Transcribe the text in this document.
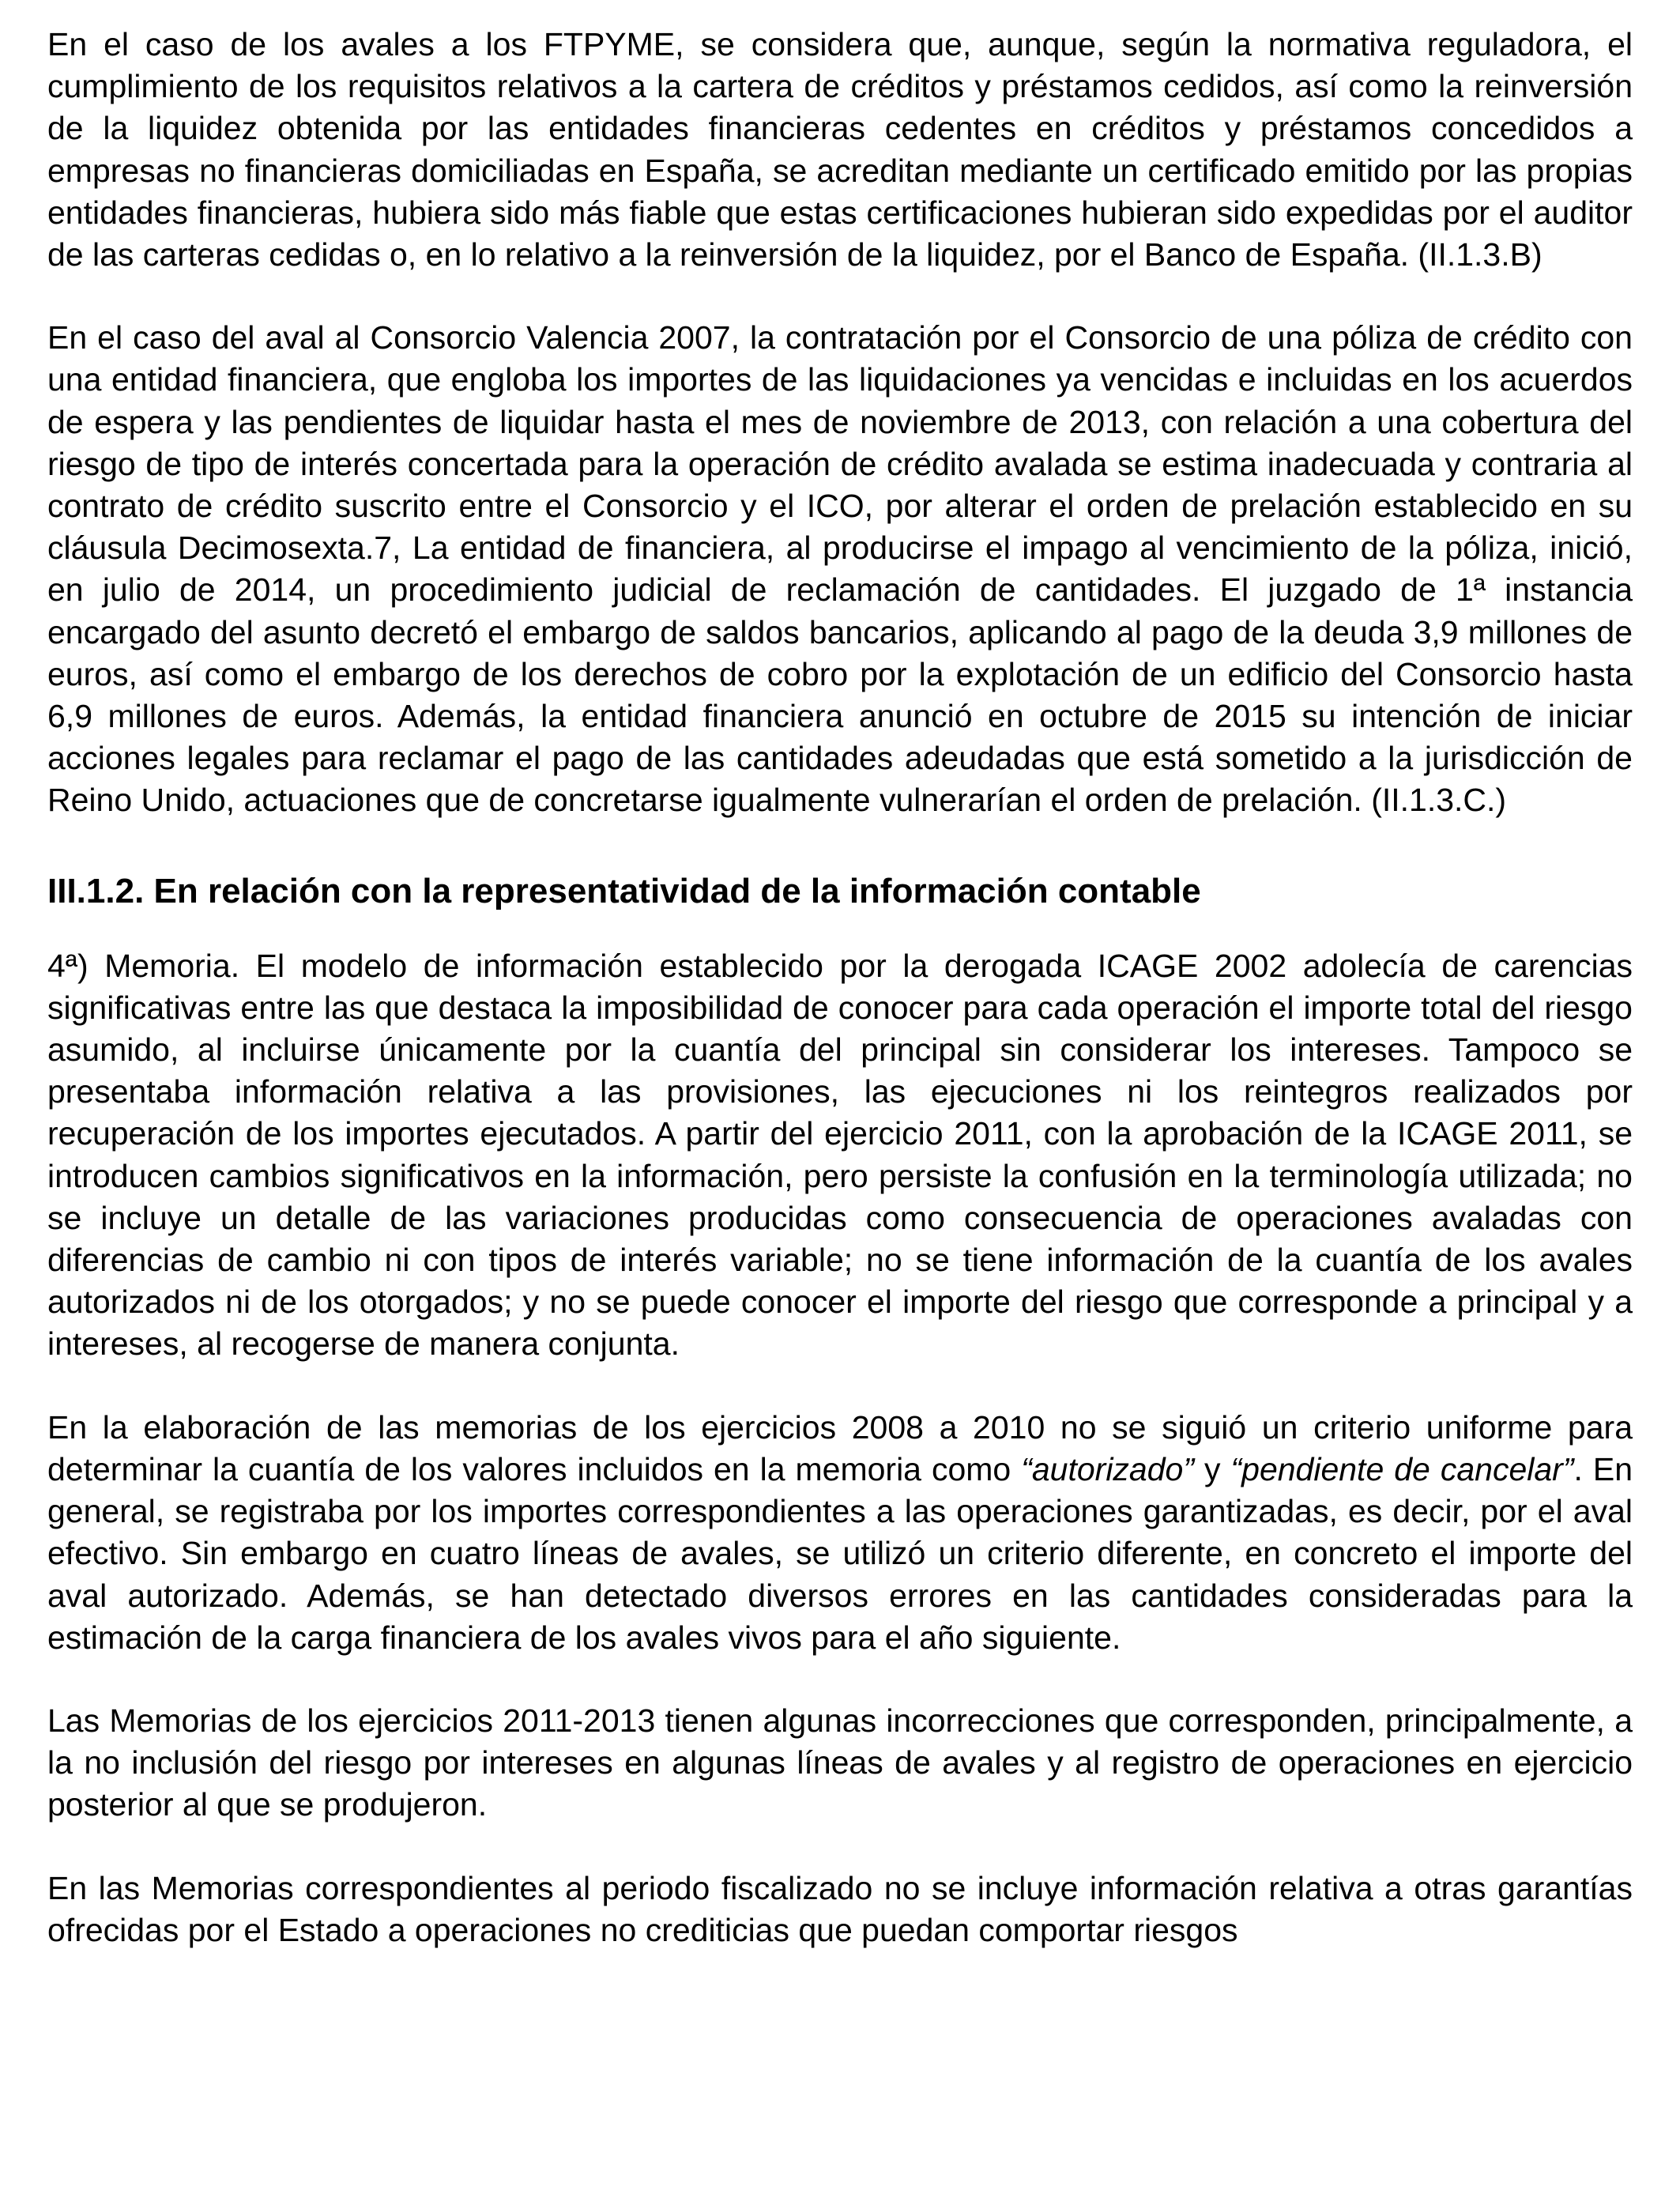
En el caso de los avales a los FTPYME, se considera que, aunque, según la normativa reguladora, el cumplimiento de los requisitos relativos a la cartera de créditos y préstamos cedidos, así como la reinversión de la liquidez obtenida por las entidades financieras cedentes en créditos y préstamos concedidos a empresas no financieras domiciliadas en España, se acreditan mediante un certificado emitido por las propias entidades financieras, hubiera sido más fiable que estas certificaciones hubieran sido expedidas por el auditor de las carteras cedidas o, en lo relativo a la reinversión de la liquidez, por el Banco de España. (II.1.3.B)

En el caso del aval al Consorcio Valencia 2007, la contratación por el Consorcio de una póliza de crédito con una entidad financiera, que engloba los importes de las liquidaciones ya vencidas e incluidas en los acuerdos de espera y las pendientes de liquidar hasta el mes de noviembre de 2013, con relación a una cobertura del riesgo de tipo de interés concertada para la operación de crédito avalada se estima inadecuada y contraria al contrato de crédito suscrito entre el Consorcio y el ICO, por alterar el orden de prelación establecido en su cláusula Decimosexta.7, La entidad de financiera, al producirse el impago al vencimiento de la póliza, inició, en julio de 2014, un procedimiento judicial de reclamación de cantidades. El juzgado de 1ª instancia encargado del asunto decretó el embargo de saldos bancarios, aplicando al pago de la deuda 3,9 millones de euros, así como el embargo de los derechos de cobro por la explotación de un edificio del Consorcio hasta 6,9 millones de euros. Además, la entidad financiera anunció en octubre de 2015 su intención de iniciar acciones legales para reclamar el pago de las cantidades adeudadas que está sometido a la jurisdicción de Reino Unido, actuaciones que de concretarse igualmente vulnerarían el orden de prelación. (II.1.3.C.)

III.1.2. En relación con la representatividad de la información contable

4ª) Memoria. El modelo de información establecido por la derogada ICAGE 2002 adolecía de carencias significativas entre las que destaca la imposibilidad de conocer para cada operación el importe total del riesgo asumido, al incluirse únicamente por la cuantía del principal sin considerar los intereses. Tampoco se presentaba información relativa a las provisiones, las ejecuciones ni los reintegros realizados por recuperación de los importes ejecutados. A partir del ejercicio 2011, con la aprobación de la ICAGE 2011, se introducen cambios significativos en la información, pero persiste la confusión en la terminología utilizada; no se incluye un detalle de las variaciones producidas como consecuencia de operaciones avaladas con diferencias de cambio ni con tipos de interés variable; no se tiene información de la cuantía de los avales autorizados ni de los otorgados; y no se puede conocer el importe del riesgo que corresponde a principal y a intereses, al recogerse de manera conjunta.

En la elaboración de las memorias de los ejercicios 2008 a 2010 no se siguió un criterio uniforme para determinar la cuantía de los valores incluidos en la memoria como “autorizado” y “pendiente de cancelar”. En general, se registraba por los importes correspondientes a las operaciones garantizadas, es decir, por el aval efectivo. Sin embargo en cuatro líneas de avales, se utilizó un criterio diferente, en concreto el importe del aval autorizado. Además, se han detectado diversos errores en las cantidades consideradas para la estimación de la carga financiera de los avales vivos para el año siguiente.

Las Memorias de los ejercicios 2011-2013 tienen algunas incorrecciones que corresponden, principalmente, a la no inclusión del riesgo por intereses en algunas líneas de avales y al registro de operaciones en ejercicio posterior al que se produjeron.

En las Memorias correspondientes al periodo fiscalizado no se incluye información relativa a otras garantías ofrecidas por el Estado a operaciones no crediticias que puedan comportar riesgos
